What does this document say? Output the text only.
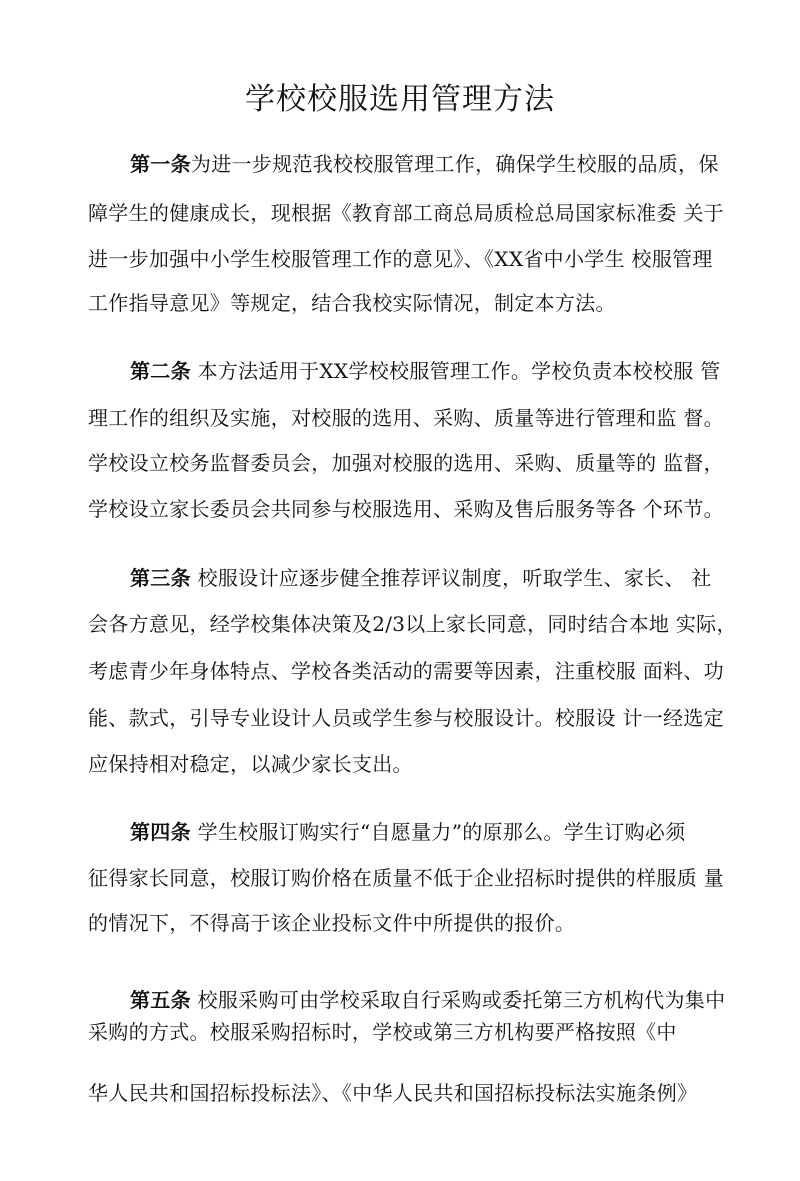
学校校服选用管理方法
第一条为进一步规范我校校服管理工作，确保学生校服的品质，保
障学生的健康成长，现根据《教育部工商总局质检总局国家标准委 关于
进一步加强中小学生校服管理工作的意见》、《XX省中小学生 校服管理
工作指导意见》等规定，结合我校实际情况，制定本方法。
第二条 本方法适用于XX学校校服管理工作。学校负责本校校服 管
理工作的组织及实施，对校服的选用、采购、质量等进行管理和监 督。
学校设立校务监督委员会，加强对校服的选用、采购、质量等的 监督，
学校设立家长委员会共同参与校服选用、采购及售后服务等各 个环节。
第三条 校服设计应逐步健全推荐评议制度，听取学生、家长、 社
会各方意见，经学校集体决策及2/3以上家长同意，同时结合本地 实际，
考虑青少年身体特点、学校各类活动的需要等因素，注重校服 面料、功
能、款式，引导专业设计人员或学生参与校服设计。校服设 计一经选定
应保持相对稳定，以减少家长支出。
第四条 学生校服订购实行“自愿量力”的原那么。学生订购必须
征得家长同意，校服订购价格在质量不低于企业招标时提供的样服质 量
的情况下，不得高于该企业投标文件中所提供的报价。
第五条 校服采购可由学校采取自行采购或委托第三方机构代为集中
采购的方式。校服采购招标时，学校或第三方机构要严格按照《中
华人民共和国招标投标法》、《中华人民共和国招标投标法实施条例》
